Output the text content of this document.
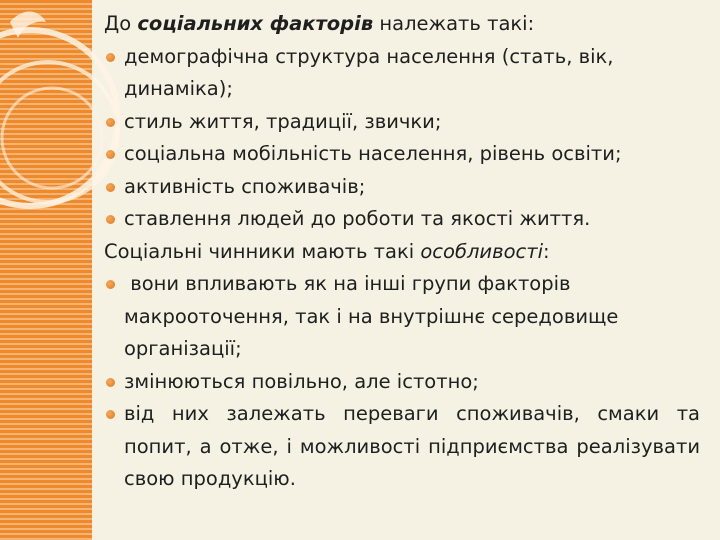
До соціальних факторів належать такі:
демографічна структура населення (стать, вік, динаміка);
стиль життя, традиції, звички;
соціальна мобільність населення, рівень освіти;
активність споживачів;
ставлення людей до роботи та якості життя.
Соціальні чинники мають такі особливості:
вони впливають як на інші групи факторів макрооточення, так і на внутрішнє середовище організації;
змінюються повільно, але істотно;
від них залежать переваги споживачів, смаки та попит, а отже, і можливості підприємства реалізувати свою продукцію.
